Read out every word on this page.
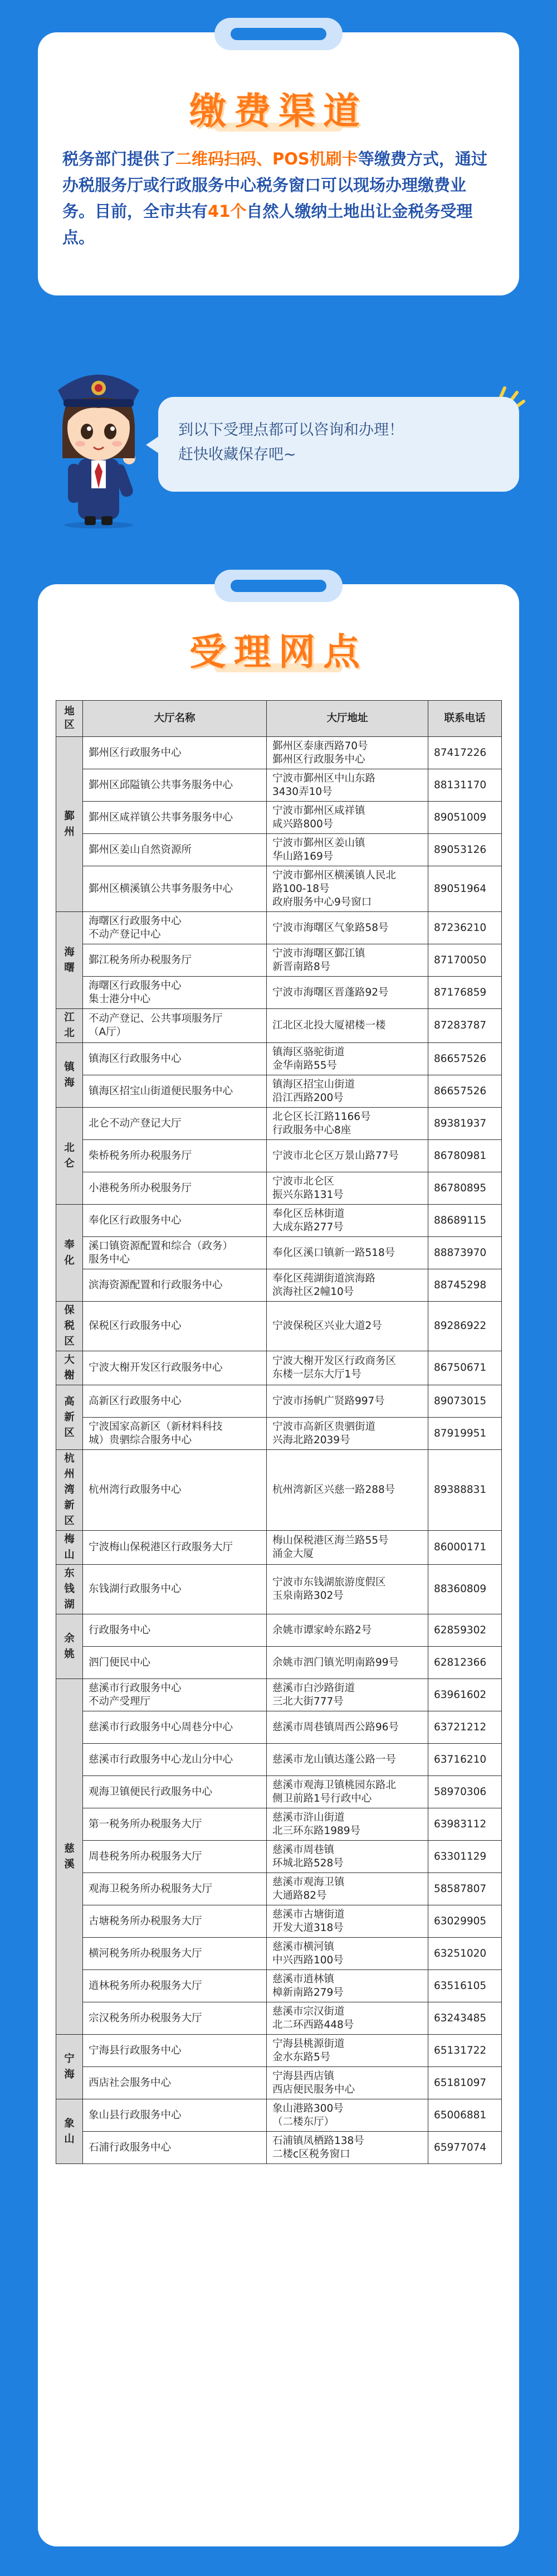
缴费渠道
税务部门提供了二维码扫码、POS机刷卡等缴费方式，通过办税服务厅或行政服务中心税务窗口可以现场办理缴费业务。目前，全市共有41个自然人缴纳土地出让金税务受理点。
到以下受理点都可以咨询和办理！
赶快收藏保存吧~
受理网点
地区	大厅名称	大厅地址	联系电话
鄞州	鄞州区行政服务中心	鄞州区泰康西路70号
鄞州区行政服务中心	87417226

	鄞州区邱隘镇公共事务服务中心	宁波市鄞州区中山东路
3430弄10号	88131170

	鄞州区咸祥镇公共事务服务中心	宁波市鄞州区咸祥镇
咸兴路800号	89051009

	鄞州区姜山自然资源所	宁波市鄞州区姜山镇
华山路169号	89053126

	鄞州区横溪镇公共事务服务中心	宁波市鄞州区横溪镇人民北
路100-18号
政府服务中心9号窗口	89051964
海曙	海曙区行政服务中心
不动产登记中心	宁波市海曙区气象路58号	87236210

	鄞江税务所办税服务厅	宁波市海曙区鄞江镇
新晋南路8号	87170050

	海曙区行政服务中心
集士港分中心	宁波市海曙区晋蓬路92号	87176859
江北	不动产登记、公共事项服务厅
（A厅）	江北区北投大厦裙楼一楼	87283787
镇海	镇海区行政服务中心	镇海区骆驼街道
金华南路55号	86657526

	镇海区招宝山街道便民服务中心	镇海区招宝山街道
沿江西路200号	86657526
北仑	北仑不动产登记大厅	北仑区长江路1166号
行政服务中心8座	89381937

	柴桥税务所办税服务厅	宁波市北仑区万景山路77号	86780981

	小港税务所办税服务厅	宁波市北仑区
振兴东路131号	86780895
奉化	奉化区行政服务中心	奉化区岳林街道
大成东路277号	88689115

	溪口镇资源配置和综合（政务）
服务中心	奉化区溪口镇新一路518号	88873970

	滨海资源配置和行政服务中心	奉化区莼湖街道滨海路
滨海社区2幢10号	88745298
保税区	保税区行政服务中心	宁波保税区兴业大道2号	89286922
大榭	宁波大榭开发区行政服务中心	宁波大榭开发区行政商务区
东楼一层东大厅1号	86750671
高新区	高新区行政服务中心	宁波市扬帆广贤路997号	89073015

	宁波国家高新区（新材料科技
城）贵驷综合服务中心	宁波市高新区贵驷街道
兴海北路2039号	87919951
杭州湾新区	杭州湾行政服务中心	杭州湾新区兴慈一路288号	89388831
梅山	宁波梅山保税港区行政服务大厅	梅山保税港区海兰路55号
涌金大厦	86000171
东钱湖	东钱湖行政服务中心	宁波市东钱湖旅游度假区
玉泉南路302号	88360809
余姚	行政服务中心	余姚市谭家岭东路2号	62859302

	泗门便民中心	余姚市泗门镇光明南路99号	62812366
慈溪	慈溪市行政服务中心
不动产受理厅	慈溪市白沙路街道
三北大街777号	63961602

	慈溪市行政服务中心周巷分中心	慈溪市周巷镇周西公路96号	63721212

	慈溪市行政服务中心龙山分中心	慈溪市龙山镇达蓬公路一号	63716210

	观海卫镇便民行政服务中心	慈溪市观海卫镇桃园东路北
侧卫前路1号行政中心	58970306

	第一税务所办税服务大厅	慈溪市浒山街道
北三环东路1989号	63983112

	周巷税务所办税服务大厅	慈溪市周巷镇
环城北路528号	63301129

	观海卫税务所办税服务大厅	慈溪市观海卫镇
大通路82号	58587807

	古塘税务所办税服务大厅	慈溪市古塘街道
开发大道318号	63029905

	横河税务所办税服务大厅	慈溪市横河镇
中兴西路100号	63251020

	逍林税务所办税服务大厅	慈溪市逍林镇
樟新南路279号	63516105

	宗汉税务所办税服务大厅	慈溪市宗汉街道
北二环西路448号	63243485
宁海	宁海县行政服务中心	宁海县桃源街道
金水东路5号	65131722

	西店社会服务中心	宁海县西店镇
西店便民服务中心	65181097
象山	象山县行政服务中心	象山港路300号
（二楼东厅）	65006881

	石浦行政服务中心	石浦镇凤栖路138号
二楼c区税务窗口	65977074
